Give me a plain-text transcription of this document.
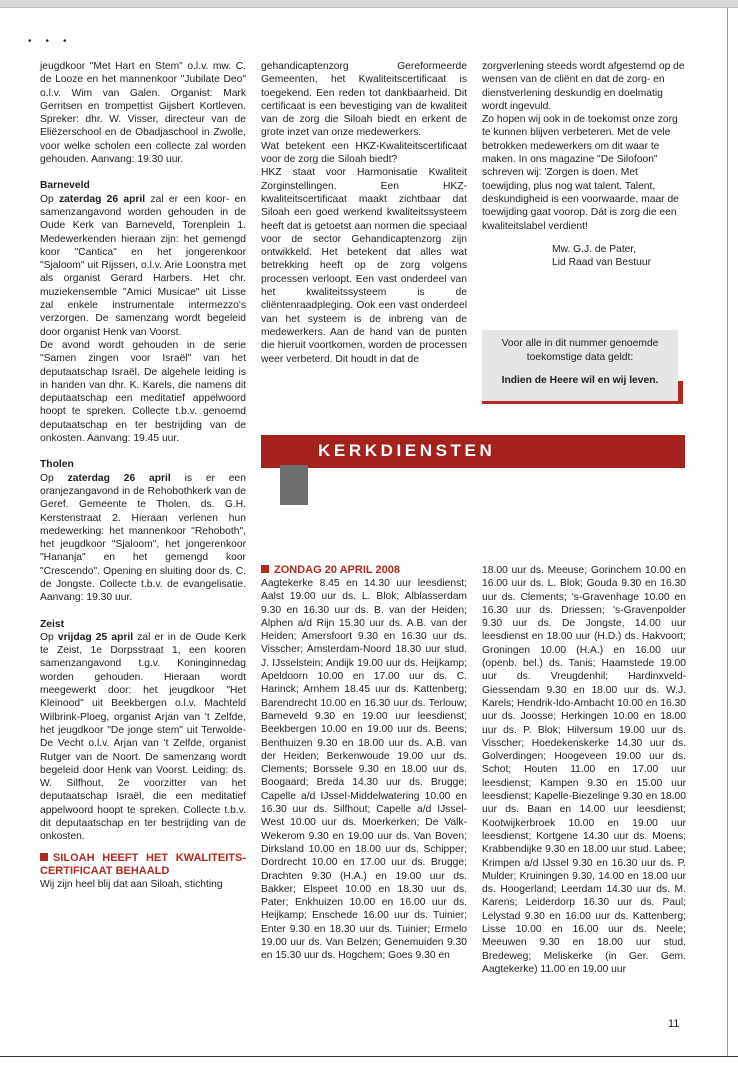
•••

jeugdkoor "Met Hart en Stem" o.l.v. mw. C. de Looze en het mannenkoor "Jubilate Deo" o.l.v. Wim van Galen. Organist: Mark Gerritsen en trompettist Gijsbert Kortleven. Spreker: dhr. W. Visser, directeur van de Eliëzerschool en de Obadjaschool in Zwolle, voor welke scholen een collecte zal worden gehouden. Aanvang: 19.30 uur.

Barneveld

Op zaterdag 26 april zal er een koor- en samenzangavond worden gehouden in de Oude Kerk van Barneveld, Torenplein 1. Medewerkenden hieraan zijn: het gemengd koor "Cantica" en het jongerenkoor "Sjaloom" uit Rijssen, o.l.v. Arie Loonstra met als organist Gerard Harbers. Het chr. muziekensemble "Amici Musicae" uit Lisse zal enkele instrumentale intermezzo's verzorgen. De samenzang wordt begeleid door organist Henk van Voorst.

De avond wordt gehouden in de serie "Samen zingen voor Israël" van het deputaatschap Israël. De algehele leiding is in handen van dhr. K. Karels, die namens dit deputaatschap een meditatief appelwoord hoopt te spreken. Collecte t.b.v. genoemd deputaatschap en ter bestrijding van de onkosten. Aanvang: 19.45 uur.

Tholen

Op zaterdag 26 april is er een oranjezangavond in de Rehobothkerk van de Geref. Gemeente te Tholen, ds. G.H. Kerstenstraat 2. Hieraan verlenen hun medewerking: het mannenkoor "Rehoboth", het jeugdkoor "Sjaloom", het jongerenkoor "Hananja" en het gemengd koor "Crescendo". Opening en sluiting door ds. C. de Jongste. Collecte t.b.v. de evangelisatie. Aanvang: 19.30 uur.

Zeist

Op vrijdag 25 april zal er in de Oude Kerk te Zeist, 1e Dorpsstraat 1, een kooren samenzangavond t.g.v. Koninginnedag worden gehouden. Hieraan wordt meegewerkt door: het jeugdkoor "Het Kleinood" uit Beekbergen o.l.v. Machteld Wilbrink-Ploeg, organist Arjan van 't Zelfde, het jeugdkoor "De jonge stem" uit Terwolde-De Vecht o.l.v. Arjan van 't Zelfde, organist Rutger van de Noort. De samenzang wordt begeleid door Henk van Voorst. Leiding: ds. W. Silfhout, 2e voorzitter van het deputaatschap Israël, die een meditatief appelwoord hoopt te spreken. Collecte t.b.v. dit deputaatschap en ter bestrijding van de onkosten.

SILOAH HEEFT HET KWALITEITS-CERTIFICAAT BEHAALD

Wij zijn heel blij dat aan Siloah, stichting

gehandicaptenzorg Gereformeerde Gemeenten, het Kwaliteitscertificaat is toegekend. Een reden tot dankbaarheid. Dit certificaat is een bevestiging van de kwaliteit van de zorg die Siloah biedt en erkent de grote inzet van onze medewerkers.

Wat betekent een HKZ-Kwaliteitscertificaat voor de zorg die Siloah biedt?

HKZ staat voor Harmonisatie Kwaliteit Zorginstellingen. Een HKZ-kwaliteitscertificaat maakt zichtbaar dat Siloah een goed werkend kwaliteitssysteem heeft dat is getoetst aan normen die speciaal voor de sector Gehandicaptenzorg zijn ontwikkeld. Het betekent dat alles wat betrekking heeft op de zorg volgens processen verloopt. Een vast onderdeel van het kwaliteitssysteem is de cliëntenraadpleging. Ook een vast onderdeel van het systeem is de inbreng van de medewerkers. Aan de hand van de punten die hieruit voortkomen, worden de processen weer verbeterd. Dit houdt in dat de

zorgverlening steeds wordt afgestemd op de wensen van de cliënt en dat de zorg- en dienstverlening deskundig en doelmatig wordt ingevuld.

Zo hopen wij ook in de toekomst onze zorg te kunnen blijven verbeteren. Met de vele betrokken medewerkers om dit waar te maken. In ons magazine "De Silofoon" schreven wij: 'Zorgen is doen. Met toewijding, plus nog wat talent. Talent, deskundigheid is een voorwaarde, maar de toewijding gaat voorop. Dát is zorg die een kwaliteitslabel verdient!

Mw. G.J. de Pater,
Lid Raad van Bestuur
Voor alle in dit nummer genoemde
toekomstige data geldt:
Indien de Heere wil en wij leven.
KERKDIENSTEN

ZONDAG 20 APRIL 2008

Aagtekerke 8.45 en 14.30 uur leesdienst; Aalst 19.00 uur ds. L. Blok; Alblasserdam 9.30 en 16.30 uur ds. B. van der Heiden; Alphen a/d Rijn 15.30 uur ds. A.B. van der Heiden; Amersfoort 9.30 en 16.30 uur ds. Visscher; Amsterdam-Noord 18.30 uur stud. J. IJsselstein; Andijk 19.00 uur ds. Heijkamp; Apeldoorn 10.00 en 17.00 uur ds. C. Harinck; Arnhem 18.45 uur ds. Kattenberg; Barendrecht 10.00 en 16.30 uur ds. Terlouw; Barneveld 9.30 en 19.00 uur leesdienst; Beekbergen 10.00 en 19.00 uur ds. Beens; Benthuizen 9.30 en 18.00 uur ds. A.B. van der Heiden; Berkenwoude 19.00 uur ds. Clements; Borssele 9.30 en 18.00 uur ds. Boogaard; Breda 14.30 uur ds. Brugge; Capelle a/d IJssel-Middelwatering 10.00 en 16.30 uur ds. Silfhout; Capelle a/d IJssel-West 10.00 uur ds. Moerkerken; De Valk-Wekerom 9.30 en 19.00 uur ds. Van Boven; Dirksland 10.00 en 18.00 uur ds. Schipper; Dordrecht 10.00 en 17.00 uur ds. Brugge; Drachten 9.30 (H.A.) en 19.00 uur ds. Bakker; Elspeet 10.00 en 18.30 uur ds. Pater; Enkhuizen 10.00 en 16.00 uur ds. Heijkamp; Enschede 16.00 uur ds. Tuinier; Enter 9.30 en 18.30 uur ds. Tuinier; Ermelo 19.00 uur ds. Van Belzen; Genemuiden 9.30 en 15.30 uur ds. Hogchem; Goes 9.30 en

18.00 uur ds. Meeuse; Gorinchem 10.00 en 16.00 uur ds. L. Blok; Gouda 9.30 en 16.30 uur ds. Clements; 's-Gravenhage 10.00 en 16.30 uur ds. Driessen; 's-Gravenpolder 9.30 uur ds. De Jongste, 14.00 uur leesdienst en 18.00 uur (H.D.) ds. Hakvoort; Groningen 10.00 (H.A.) en 16.00 uur (openb. bel.) ds. Tanis; Haamstede 19.00 uur ds. Vreugdenhil; Hardinxveld-Giessendam 9.30 en 18.00 uur ds. W.J. Karels; Hendrik-Ido-Ambacht 10.00 en 16.30 uur ds. Joosse; Herkingen 10.00 en 18.00 uur ds. P. Blok; Hilversum 19.00 uur ds. Visscher; Hoedekenskerke 14.30 uur ds. Golverdingen; Hoogeveen 19.00 uur ds. Schot; Houten 11.00 en 17.00 uur leesdienst; Kampen 9.30 en 15.00 uur leesdienst; Kapelle-Biezelinge 9.30 en 18.00 uur ds. Baan en 14.00 uur leesdienst; Kootwijkerbroek 10.00 en 19.00 uur leesdienst; Kortgene 14.30 uur ds. Moens; Krabbendijke 9.30 en 18.00 uur stud. Labee; Krimpen a/d IJssel 9.30 en 16.30 uur ds. P. Mulder; Kruiningen 9.30, 14.00 en 18.00 uur ds. Hoogerland; Leerdam 14.30 uur ds. M. Karens; Leiderdorp 16.30 uur ds. Paul; Lelystad 9.30 en 16.00 uur ds. Kattenberg; Lisse 10.00 en 16.00 uur ds. Neele; Meeuwen 9.30 en 18.00 uur stud. Bredeweg; Meliskerke (in Ger. Gem. Aagtekerke) 11.00 en 19.00 uur

11
